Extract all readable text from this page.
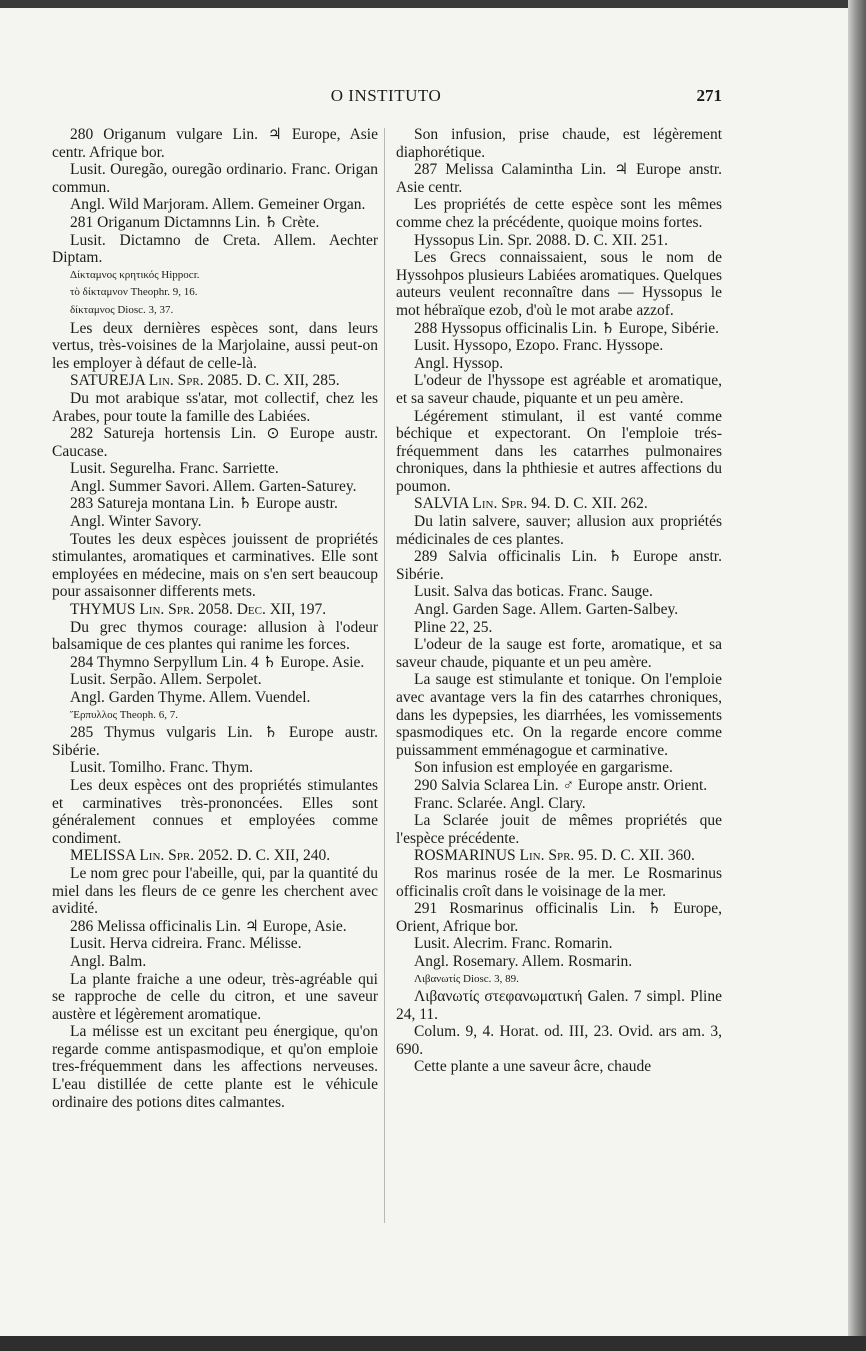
O INSTITUTO	271

280 Origanum vulgare Lin. ♃ Europe, Asie centr. Afrique bor.

Lusit. Ouregão, ouregão ordinario. Franc. Origan commun.

Angl. Wild Marjoram. Allem. Gemeiner Organ.

281 Origanum Dictamnns Lin. ♄ Crète.

Lusit. Dictamno de Creta. Allem. Aechter Diptam.

Δίκταμνος κρητικός Hippocr.

τὸ δίκταμνον Theophr. 9, 16.

δίκταμνος Diosc. 3, 37.

Les deux dernières espèces sont, dans leurs vertus, très-voisines de la Marjolaine, aussi peut-on les employer à défaut de celle-là.

SATUREJA Lin. Spr. 2085. D. C. XII, 285.

Du mot arabique ss'atar, mot collectif, chez les Arabes, pour toute la famille des Labiées.

282 Satureja hortensis Lin. ⊙ Europe austr. Caucase.

Lusit. Segurelha. Franc. Sarriette.

Angl. Summer Savori. Allem. Garten-Saturey.

283 Satureja montana Lin. ♄ Europe austr.

Angl. Winter Savory.

Toutes les deux espèces jouissent de propriétés stimulantes, aromatiques et carminatives. Elle sont employées en médecine, mais on s'en sert beaucoup pour assaisonner differents mets.

THYMUS Lin. Spr. 2058. Dec. XII, 197.

Du grec thymos courage: allusion à l'odeur balsamique de ces plantes qui ranime les forces.

284 Thymno Serpyllum Lin. 4 ♄ Europe. Asie.

Lusit. Serpão. Allem. Serpolet.

Angl. Garden Thyme. Allem. Vuendel.

Ἕρπυλλος Theoph. 6, 7.

285 Thymus vulgaris Lin. ♄ Europe austr. Sibérie.

Lusit. Tomilho. Franc. Thym.

Les deux espèces ont des propriétés stimulantes et carminatives très-prononcées. Elles sont généralement connues et employées comme condiment.

MELISSA Lin. Spr. 2052. D. C. XII, 240.

Le nom grec pour l'abeille, qui, par la quantité du miel dans les fleurs de ce genre les cherchent avec avidité.

286 Melissa officinalis Lin. ♃ Europe, Asie.

Lusit. Herva cidreira. Franc. Mélisse.

Angl. Balm.

La plante fraiche a une odeur, très-agréable qui se rapproche de celle du citron, et une saveur austère et légèrement aromatique.

La mélisse est un excitant peu énergique, qu'on regarde comme antispasmodique, et qu'on emploie tres-fréquemment dans les affections nerveuses. L'eau distillée de cette plante est le véhicule ordinaire des potions dites calmantes.

Son infusion, prise chaude, est légèrement diaphorétique.

287 Melissa Calamintha Lin. ♃ Europe anstr. Asie centr.

Les propriétés de cette espèce sont les mêmes comme chez la précédente, quoique moins fortes.

Hyssopus Lin. Spr. 2088. D. C. XII. 251.

Les Grecs connaissaient, sous le nom de Hyssohpos plusieurs Labiées aromatiques. Quelques auteurs veulent reconnaître dans — Hyssopus le mot hébraïque ezob, d'où le mot arabe azzof.

288 Hyssopus officinalis Lin. ♄ Europe, Sibérie.

Lusit. Hyssopo, Ezopo. Franc. Hyssope.

Angl. Hyssop.

L'odeur de l'hyssope est agréable et aromatique, et sa saveur chaude, piquante et un peu amère.

Légérement stimulant, il est vanté comme béchique et expectorant. On l'emploie trés-fréquemment dans les catarrhes pulmonaires chroniques, dans la phthiesie et autres affections du poumon.

SALVIA Lin. Spr. 94. D. C. XII. 262.

Du latin salvere, sauver; allusion aux propriétés médicinales de ces plantes.

289 Salvia officinalis Lin. ♄ Europe anstr. Sibérie.

Lusit. Salva das boticas. Franc. Sauge.

Angl. Garden Sage. Allem. Garten-Salbey.

Pline 22, 25.

L'odeur de la sauge est forte, aromatique, et sa saveur chaude, piquante et un peu amère.

La sauge est stimulante et tonique. On l'emploie avec avantage vers la fin des catarrhes chroniques, dans les dypepsies, les diarrhées, les vomissements spasmodiques etc. On la regarde encore comme puissamment emménagogue et carminative.

Son infusion est employée en gargarisme.

290 Salvia Sclarea Lin. ♂ Europe anstr. Orient.

Franc. Sclarée. Angl. Clary.

La Sclarée jouit de mêmes propriétés que l'espèce précédente.

ROSMARINUS Lin. Spr. 95. D. C. XII. 360.

Ros marinus rosée de la mer. Le Rosmarinus officinalis croît dans le voisinage de la mer.

291 Rosmarinus officinalis Lin. ♄ Europe, Orient, Afrique bor.

Lusit. Alecrim. Franc. Romarin.

Angl. Rosemary. Allem. Rosmarin.

Λιβανωτίς Diosc. 3, 89.

Λιβανωτίς στεφανωματική Galen. 7 simpl. Pline 24, 11.

Colum. 9, 4. Horat. od. III, 23. Ovid. ars am. 3, 690.

Cette plante a une saveur âcre, chaude
